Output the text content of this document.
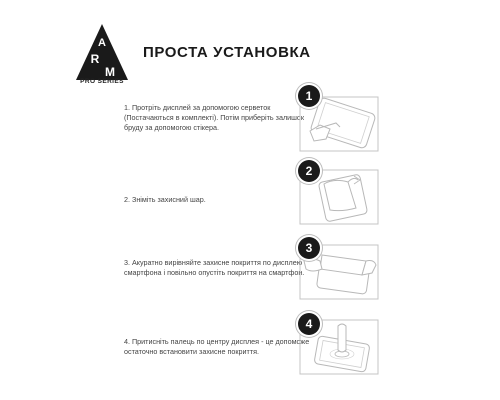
A
R
M
PRO SERIES
ПРОСТА УСТАНОВКА
1. Протріть дисплей за допомогою серветок (Постачаються в комплекті). Потім приберіть залишок бруду за допомогою стікера.
1
2. Зніміть захисний шар.
2
3. Акуратно вирівняйте захисне покриття по дисплею смартфона і повільно опустіть покриття на смартфон.
3
4. Притисніть палець по центру дисплея - це допоможе остаточно встановити захисне покриття.
4
